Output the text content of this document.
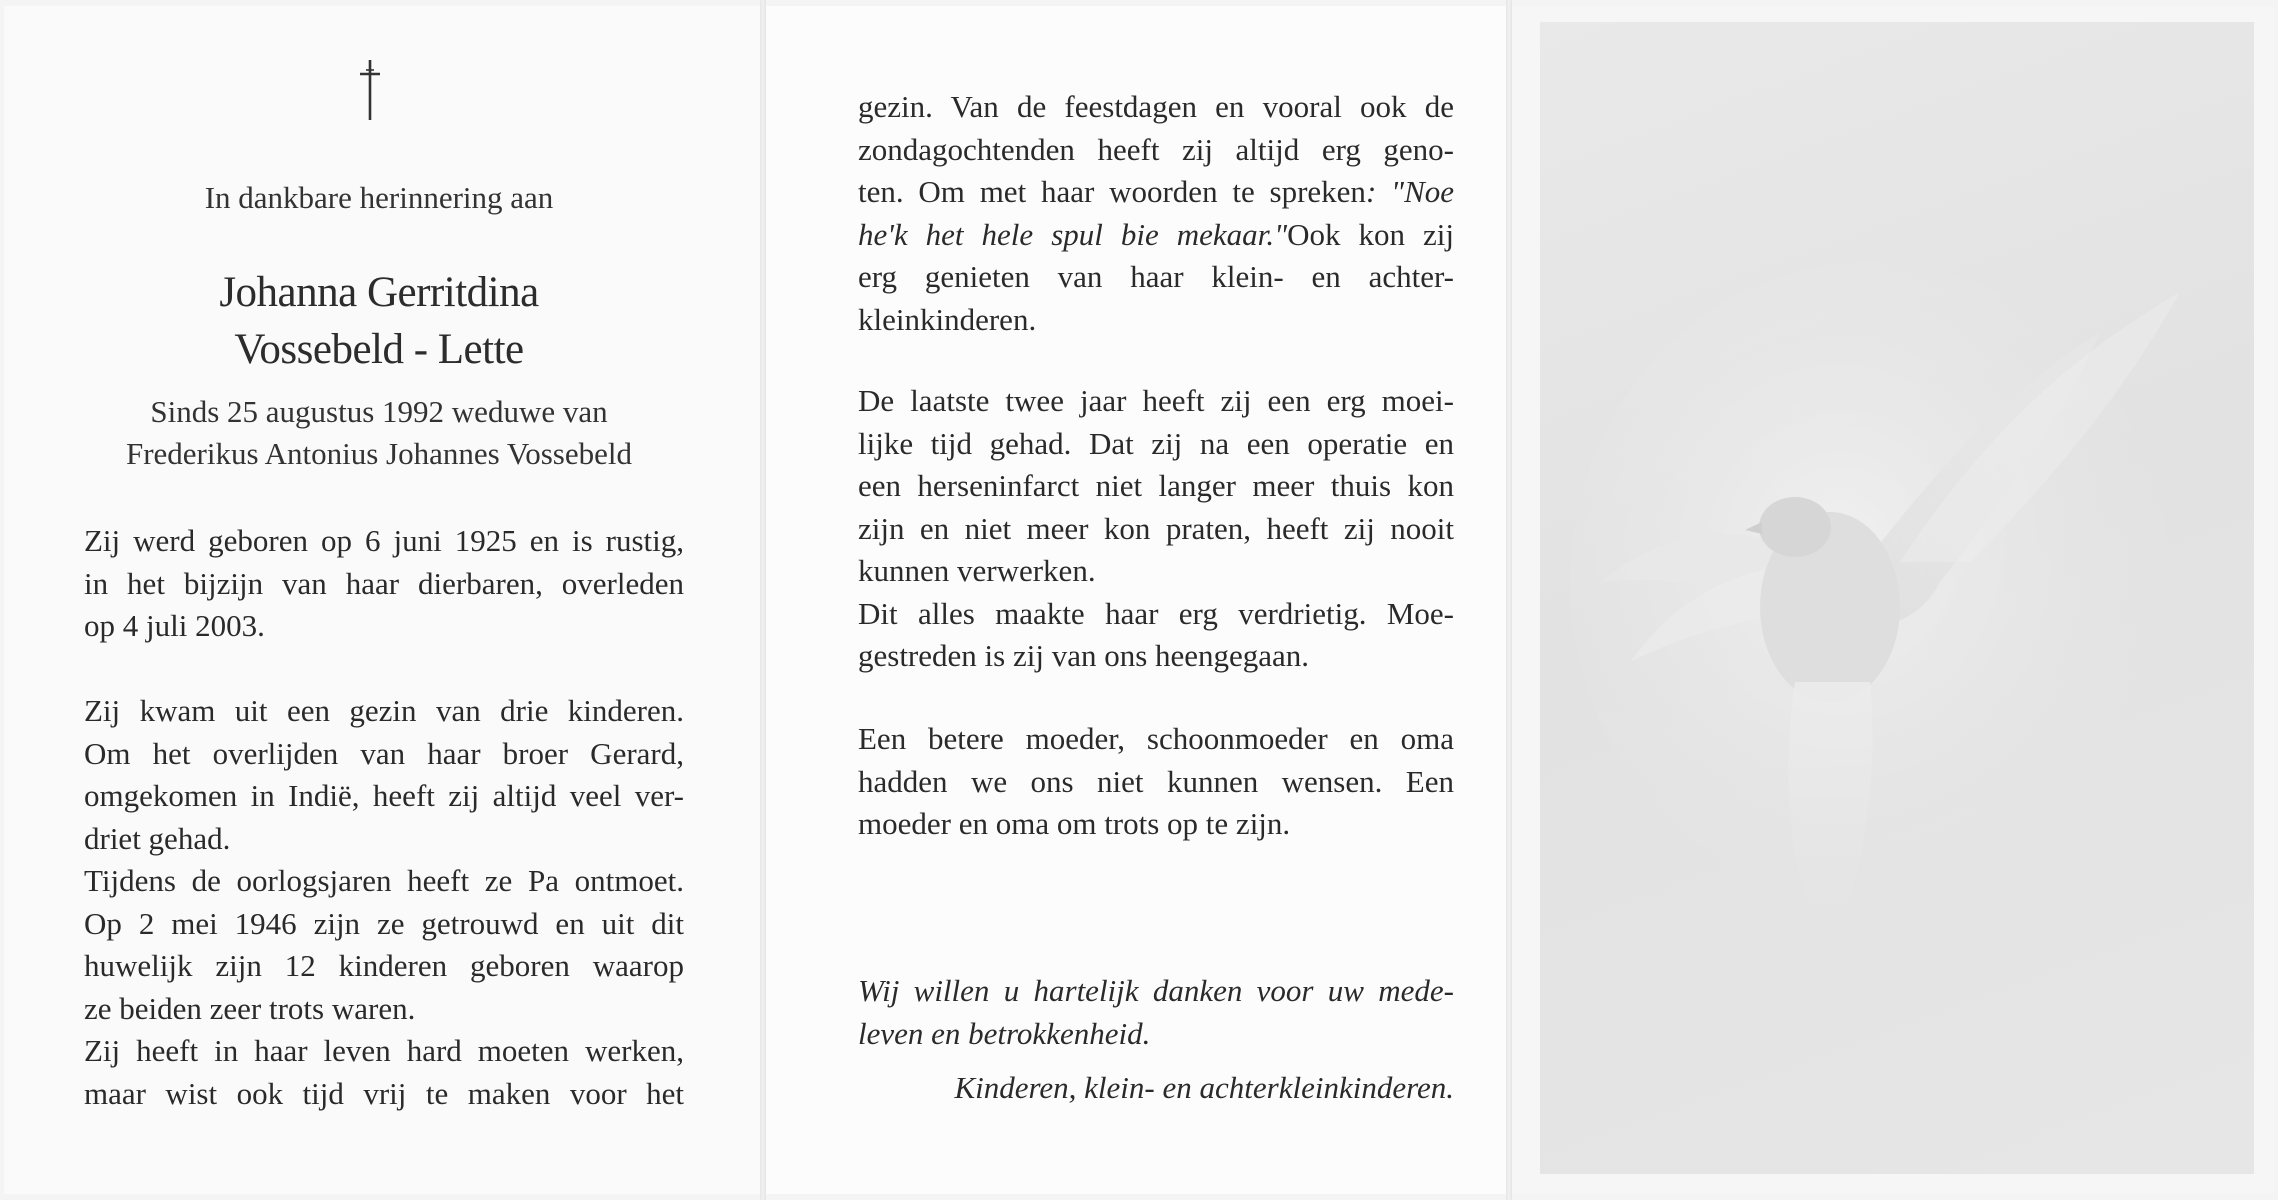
In dankbare herinnering aan
Johanna Gerritdina
Vossebeld - Lette
Sinds 25 augustus 1992 weduwe van
Frederikus Antonius Johannes Vossebeld

Zij werd geboren op 6 juni 1925 en is rustig,
in het bijzijn van haar dierbaren, overleden
op 4 juli 2003.

Zij kwam uit een gezin van drie kinderen.
Om het overlijden van haar broer Gerard,
omgekomen in Indië, heeft zij altijd veel ver-
driet gehad.
Tijdens de oorlogsjaren heeft ze Pa ontmoet.
Op 2 mei 1946 zijn ze getrouwd en uit dit
huwelijk zijn 12 kinderen geboren waarop
ze beiden zeer trots waren.
Zij heeft in haar leven hard moeten werken,
maar wist ook tijd vrij te maken voor het

gezin. Van de feestdagen en vooral ook de
zondagochtenden heeft zij altijd erg geno-
ten. Om met haar woorden te spreken: "Noe
he'k het hele spul bie mekaar."Ook kon zij
erg genieten van haar klein- en achter-
kleinkinderen.

De laatste twee jaar heeft zij een erg moei-
lijke tijd gehad. Dat zij na een operatie en
een herseninfarct niet langer meer thuis kon
zijn en niet meer kon praten, heeft zij nooit
kunnen verwerken.
Dit alles maakte haar erg verdrietig. Moe-
gestreden is zij van ons heengegaan.

Een betere moeder, schoonmoeder en oma
hadden we ons niet kunnen wensen. Een
moeder en oma om trots op te zijn.

Wij willen u hartelijk danken voor uw mede-
leven en betrokkenheid.

Kinderen, klein- en achterkleinkinderen.
